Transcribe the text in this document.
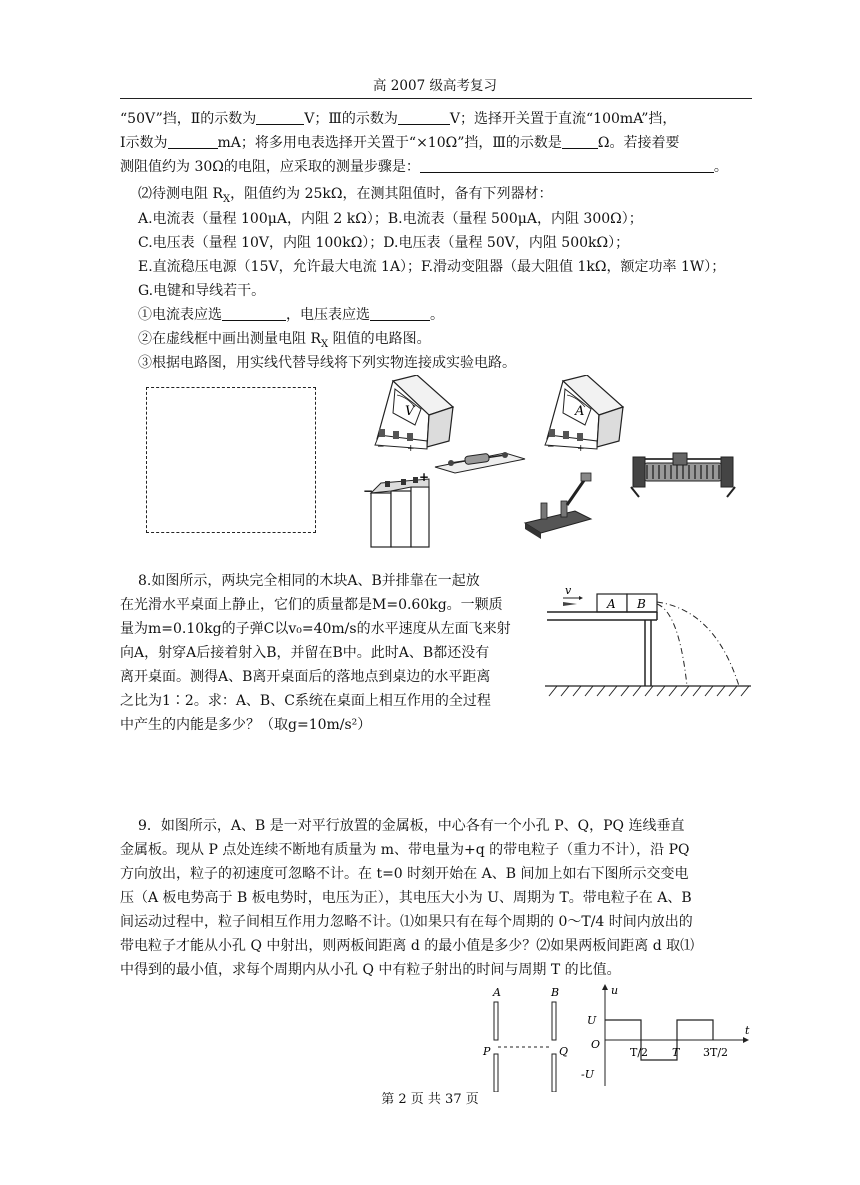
高 2007 级高考复习
“50V”挡，Ⅱ的示数为	V；Ⅲ的示数为	V；选择开关置于直流“100mA”挡，
Ⅰ示数为	mA；将多用电表选择开关置于“×10Ω”挡，Ⅲ的示数是	Ω。若接着要
测阻值约为 30Ω的电阻，应采取的测量步骤是：	。
⑵待测电阻 $R_X$，阻值约为 25kΩ，在测其阻值时，备有下列器材：
A.电流表（量程 100μA，内阻 2 kΩ）；B.电流表（量程 500μA，内阻 300Ω）；
C.电压表（量程 10V，内阻 100kΩ）；D.电压表（量程 50V，内阻 500kΩ）；
E.直流稳压电源（15V，允许最大电流 1A）；F.滑动变阻器（最大阻值 1kΩ，额定功率 1W）；
G.电键和导线若干。
①电流表应选	，电压表应选	。
②在虚线框中画出测量电阻 $R_X$ 阻值的电路图。
③根据电路图，用实线代替导线将下列实物连接成实验电路。
V
− +
A
− +
−
+
8.如图所示，两块完全相同的木块A、B并排靠在一起放
在光滑水平桌面上静止，它们的质量都是M=0.60kg。一颗质
量为m=0.10kg的子弹C以v₀=40m/s的水平速度从左面飞来射
向A，射穿A后接着射入B，并留在B中。此时A、B都还没有
离开桌面。测得A、B离开桌面后的落地点到桌边的水平距离
之比为1∶2。求：A、B、C系统在桌面上相互作用的全过程
中产生的内能是多少？（取g=10m/s²）
v
A B
9．如图所示，A、B 是一对平行放置的金属板，中心各有一个小孔 P、Q，PQ 连线垂直
金属板。现从 P 点处连续不断地有质量为 m、带电量为+q 的带电粒子（重力不计），沿 PQ
方向放出，粒子的初速度可忽略不计。在 t=0 时刻开始在 A、B 间加上如右下图所示交变电
压（A 板电势高于 B 板电势时，电压为正），其电压大小为 U、周期为 T。带电粒子在 A、B
间运动过程中，粒子间相互作用力忽略不计。⑴如果只有在每个周期的 0～T/4 时间内放出的
带电粒子才能从小孔 Q 中射出，则两板间距离 d 的最小值是多少？⑵如果两板间距离 d 取⑴
中得到的最小值，求每个周期内从小孔 Q 中有粒子射出的时间与周期 T 的比值。
A	B
P	Q
u
t
U
-U
O
T/2 T 3T/2
第 2 页 共 37 页
